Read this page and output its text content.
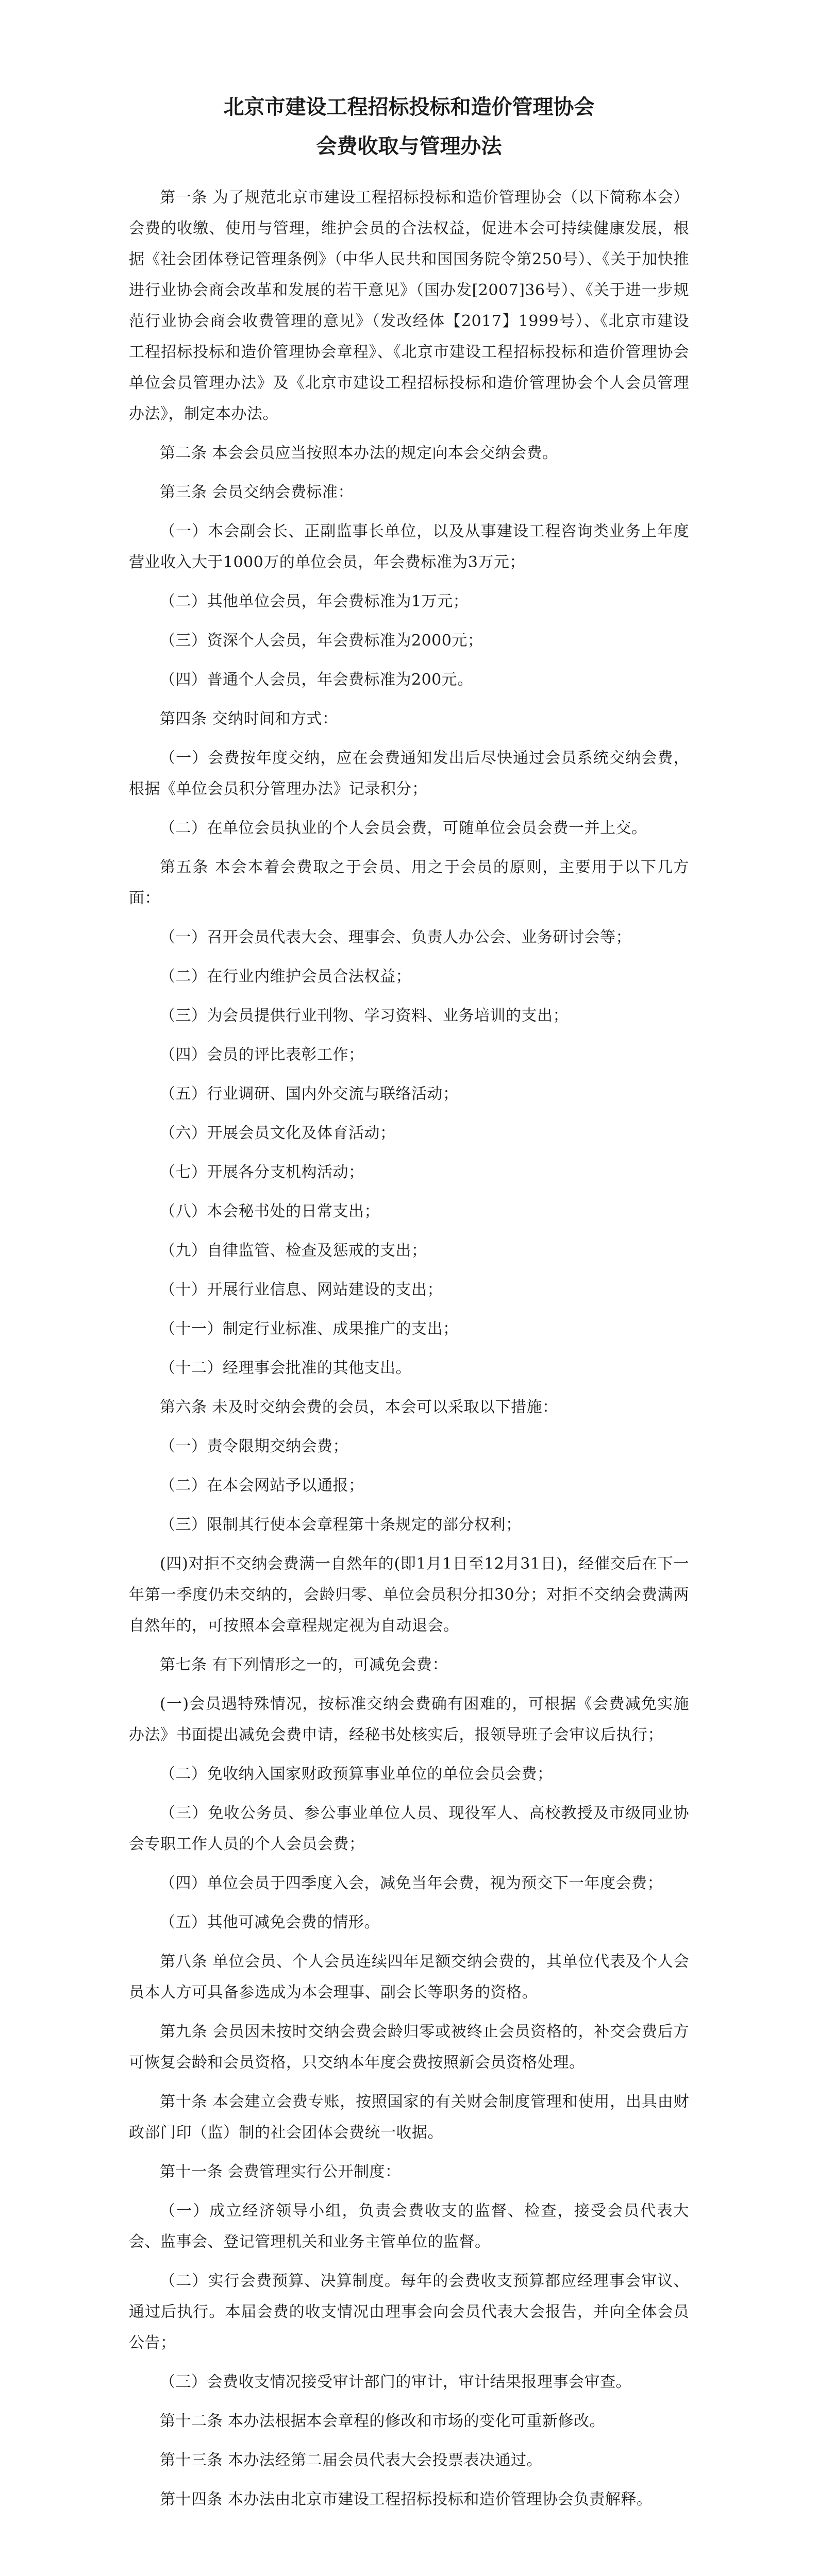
北京市建设工程招标投标和造价管理协会
会费收取与管理办法

第一条 为了规范北京市建设工程招标投标和造价管理协会（以下简称本会）会费的收缴、使用与管理，维护会员的合法权益，促进本会可持续健康发展，根据《社会团体登记管理条例》（中华人民共和国国务院令第250号）、《关于加快推进行业协会商会改革和发展的若干意见》（国办发[2007]36号）、《关于进一步规范行业协会商会收费管理的意见》（发改经体【2017】1999号）、《北京市建设工程招标投标和造价管理协会章程》、《北京市建设工程招标投标和造价管理协会单位会员管理办法》及《北京市建设工程招标投标和造价管理协会个人会员管理办法》，制定本办法。

第二条 本会会员应当按照本办法的规定向本会交纳会费。

第三条 会员交纳会费标准：

（一）本会副会长、正副监事长单位，以及从事建设工程咨询类业务上年度营业收入大于1000万的单位会员，年会费标准为3万元；

（二）其他单位会员，年会费标准为1万元；

（三）资深个人会员，年会费标准为2000元；

（四）普通个人会员，年会费标准为200元。

第四条 交纳时间和方式：

（一）会费按年度交纳，应在会费通知发出后尽快通过会员系统交纳会费，根据《单位会员积分管理办法》记录积分；

（二）在单位会员执业的个人会员会费，可随单位会员会费一并上交。

第五条 本会本着会费取之于会员、用之于会员的原则，主要用于以下几方面：

（一）召开会员代表大会、理事会、负责人办公会、业务研讨会等；

（二）在行业内维护会员合法权益；

（三）为会员提供行业刊物、学习资料、业务培训的支出；

（四）会员的评比表彰工作；

（五）行业调研、国内外交流与联络活动；

（六）开展会员文化及体育活动；

（七）开展各分支机构活动；

（八）本会秘书处的日常支出；

（九）自律监管、检查及惩戒的支出；

（十）开展行业信息、网站建设的支出；

（十一）制定行业标准、成果推广的支出；

（十二）经理事会批准的其他支出。

第六条 未及时交纳会费的会员，本会可以采取以下措施：

（一）责令限期交纳会费；

（二）在本会网站予以通报；

（三）限制其行使本会章程第十条规定的部分权利；

(四)对拒不交纳会费满一自然年的(即1月1日至12月31日)，经催交后在下一年第一季度仍未交纳的，会龄归零、单位会员积分扣30分；对拒不交纳会费满两自然年的，可按照本会章程规定视为自动退会。

第七条 有下列情形之一的，可减免会费：

(一)会员遇特殊情况，按标准交纳会费确有困难的，可根据《会费减免实施办法》书面提出减免会费申请，经秘书处核实后，报领导班子会审议后执行；

（二）免收纳入国家财政预算事业单位的单位会员会费；

（三）免收公务员、参公事业单位人员、现役军人、高校教授及市级同业协会专职工作人员的个人会员会费；

（四）单位会员于四季度入会，减免当年会费，视为预交下一年度会费；

（五）其他可减免会费的情形。

第八条 单位会员、个人会员连续四年足额交纳会费的，其单位代表及个人会员本人方可具备参选成为本会理事、副会长等职务的资格。

第九条 会员因未按时交纳会费会龄归零或被终止会员资格的，补交会费后方可恢复会龄和会员资格，只交纳本年度会费按照新会员资格处理。

第十条 本会建立会费专账，按照国家的有关财会制度管理和使用，出具由财政部门印（监）制的社会团体会费统一收据。

第十一条 会费管理实行公开制度：

（一）成立经济领导小组，负责会费收支的监督、检查，接受会员代表大会、监事会、登记管理机关和业务主管单位的监督。

（二）实行会费预算、决算制度。每年的会费收支预算都应经理事会审议、通过后执行。本届会费的收支情况由理事会向会员代表大会报告，并向全体会员公告；

（三）会费收支情况接受审计部门的审计，审计结果报理事会审查。

第十二条 本办法根据本会章程的修改和市场的变化可重新修改。

第十三条 本办法经第二届会员代表大会投票表决通过。

第十四条 本办法由北京市建设工程招标投标和造价管理协会负责解释。
